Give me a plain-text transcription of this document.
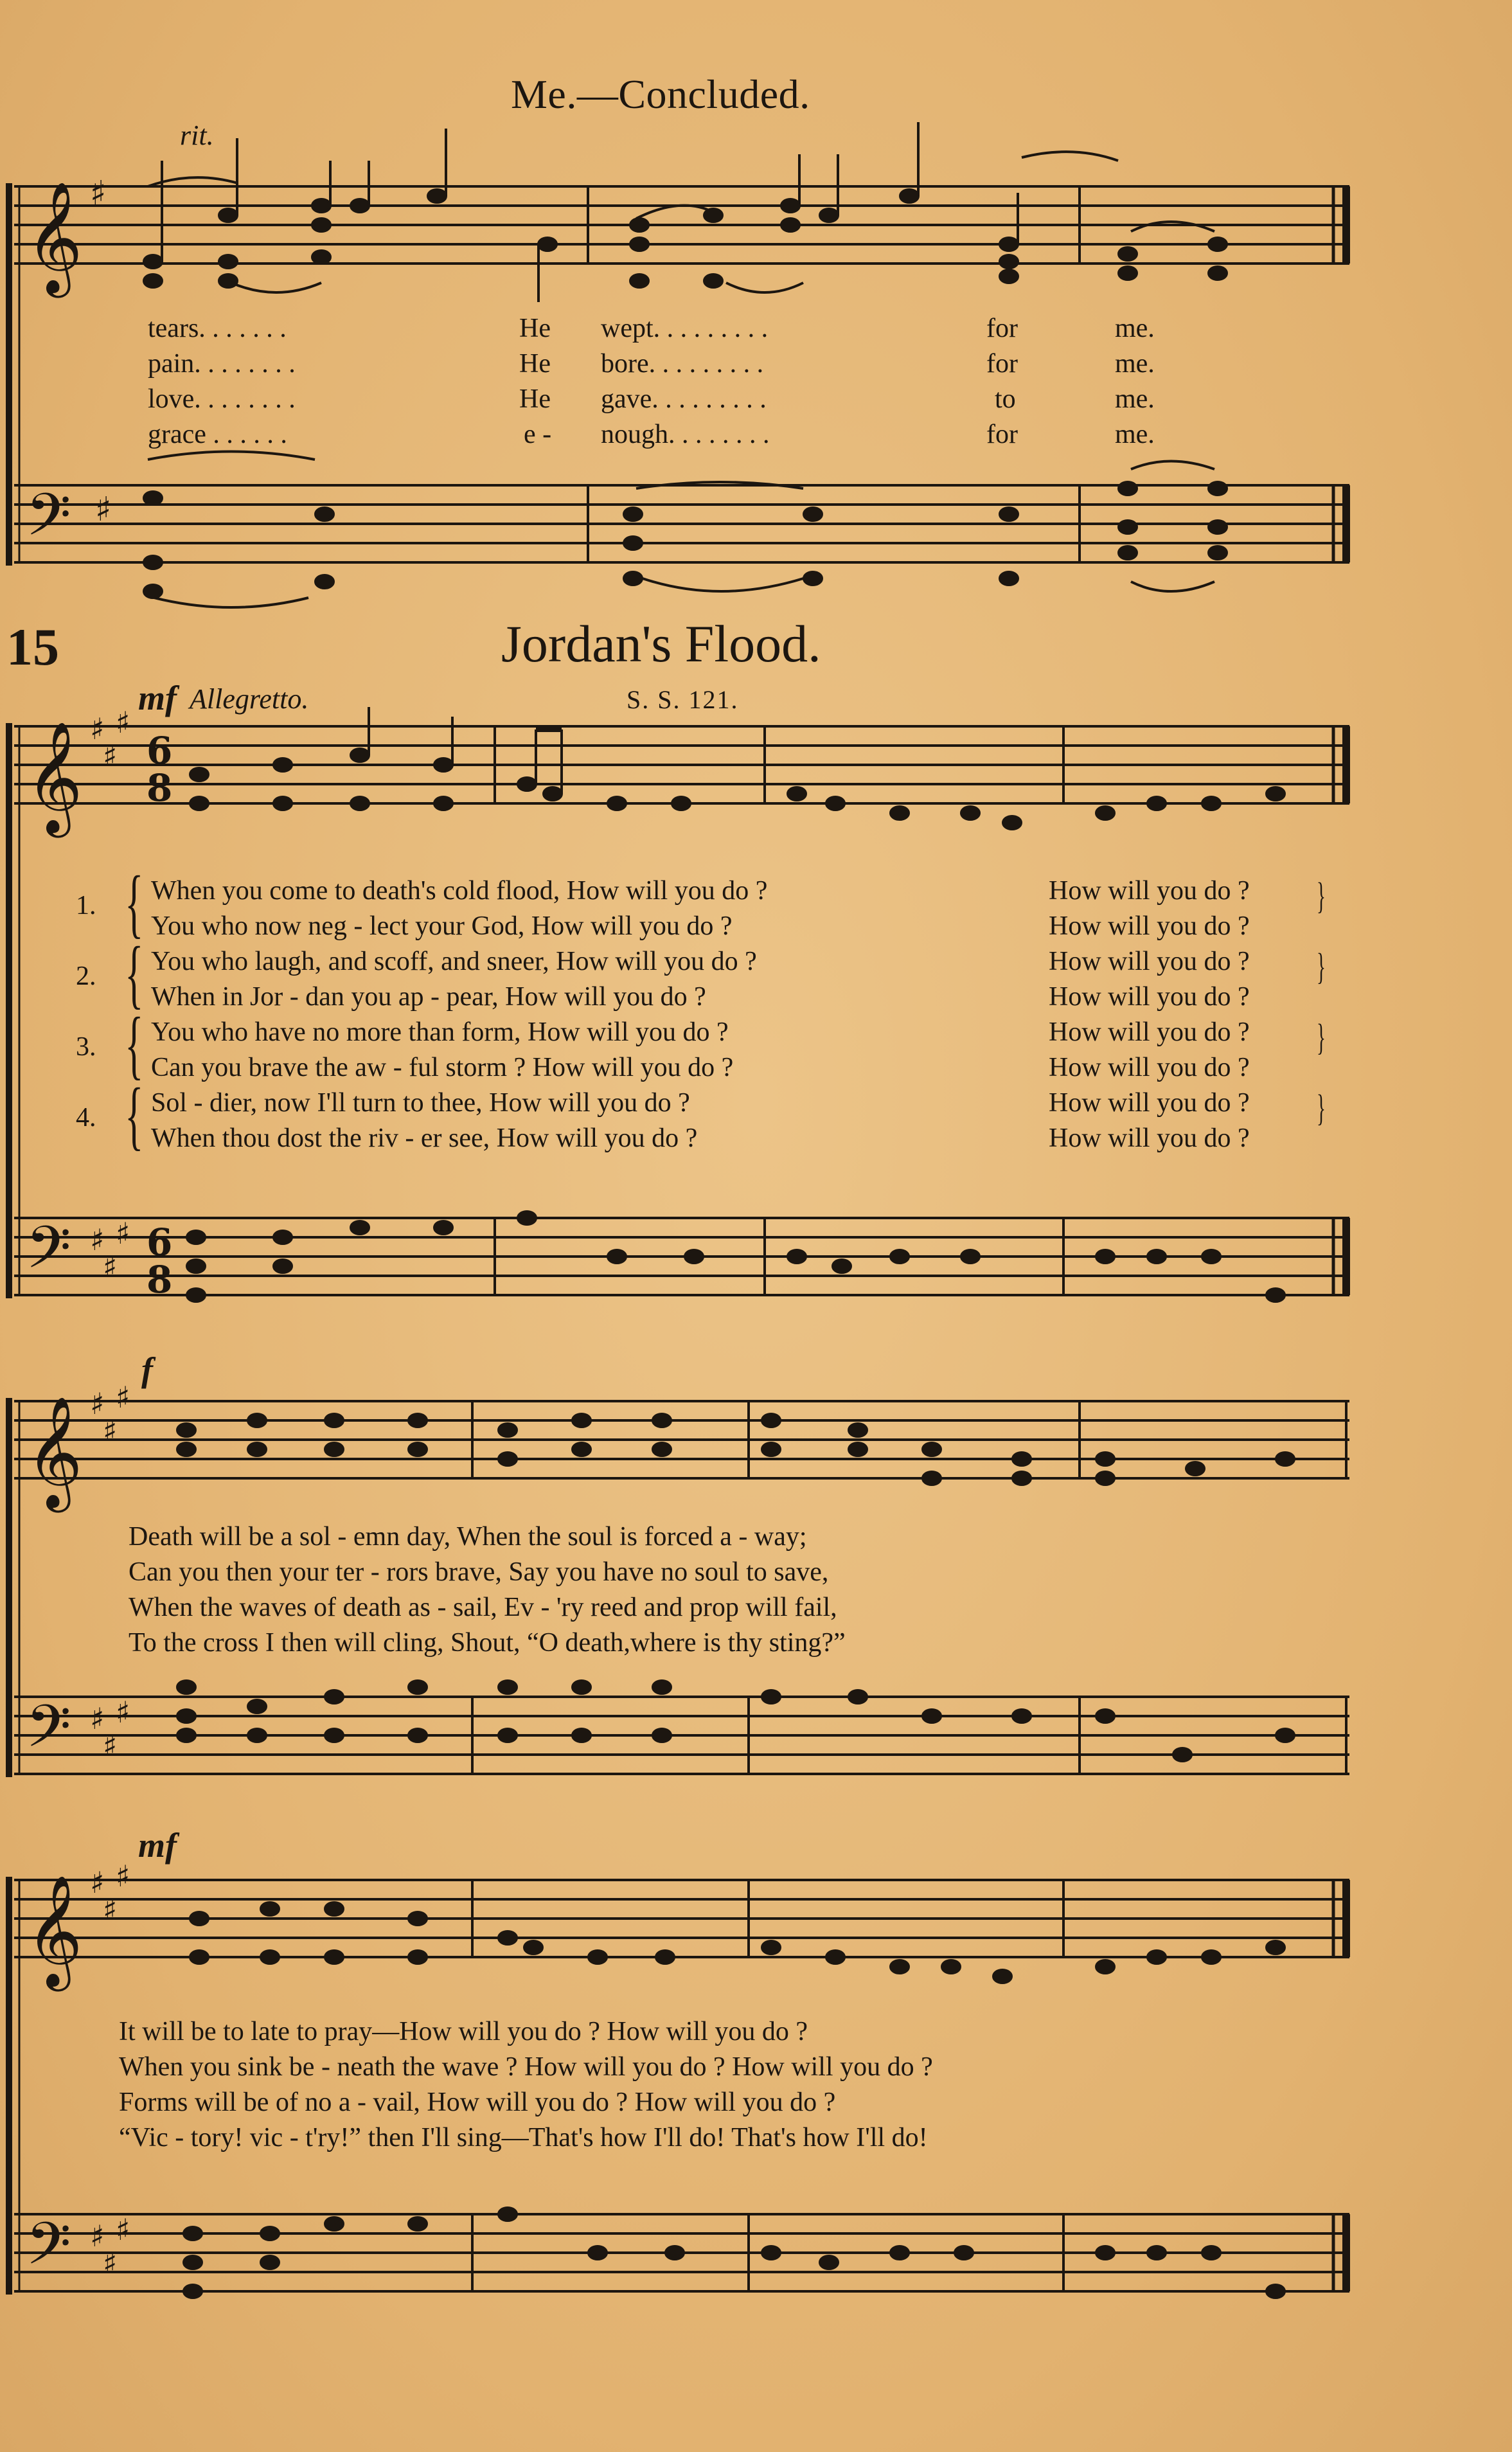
Me.—Concluded.
rit.
𝄞
𝄢
♯
♯
tears. . . . . . .	He wept. . . . . . . . .	for	me.
pain. . . . . . . .	He bore. . . . . . . . .	for	me.
love. . . . . . . .	He gave. . . . . . . . .	to	me.
grace . . . . . .	e - nough. . . . . . . .	for	me.
15	Jordan's Flood.
S. S. 121.
mf Allegretto.
𝄞
𝄢
𝄞
𝄢
𝄞
𝄢
♯
♯
♯
♯
♯
♯
♯
♯
♯
♯
♯
♯
♯
♯
♯
♯
♯
♯
6
8
6
8
1.
2.
3.
4.
{
{
{
{
When you come to death's cold flood, How will you do ?	How will you do ?
You who now neg - lect your God, How will you do ?	How will you do ?
You who laugh, and scoff, and sneer, How will you do ?	How will you do ?
When in Jor - dan you ap - pear, How will you do ?	How will you do ?
You who have no more than form, How will you do ?	How will you do ?
Can you brave the aw - ful storm ? How will you do ?	How will you do ?
Sol - dier, now I'll turn to thee, How will you do ?	How will you do ?
When thou dost the riv - er see, How will you do ?	How will you do ?
}
}
}
}
f
Death will be a sol - emn day, When the soul is forced a - way;
Can you then your ter - rors brave, Say you have no soul to save,
When the waves of death as - sail, Ev - 'ry reed and prop will fail,
To the cross I then will cling, Shout, “O death,where is thy sting?”
mf
It will be to late to pray—How will you do ? How will you do ?
When you sink be - neath the wave ? How will you do ? How will you do ?
Forms will be of no a - vail, How will you do ? How will you do ?
“Vic - tory! vic - t'ry!” then I'll sing—That's how I'll do! That's how I'll do!
